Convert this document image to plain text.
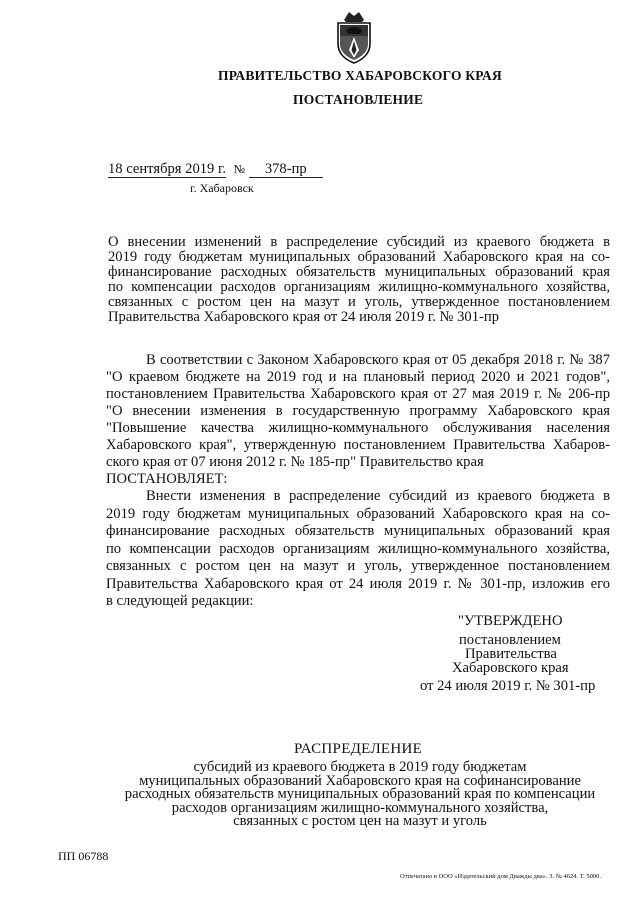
ПРАВИТЕЛЬСТВО ХАБАРОВСКОГО КРАЯ
ПОСТАНОВЛЕНИЕ
18 сентября 2019 г. № 378-пр
г. Хабаровск
О внесении изменений в распределение субсидий из краевого бюджета в
2019 году бюджетам муниципальных образований Хабаровского края на со-
финансирование расходных обязательств муниципальных образований края
по компенсации расходов организациям жилищно-коммунального хозяйства,
связанных с ростом цен на мазут и уголь, утвержденное постановлением
Правительства Хабаровского края от 24 июля 2019 г. № 301-пр
В соответствии с Законом Хабаровского края от 05 декабря 2018 г. № 387
"О краевом бюджете на 2019 год и на плановый период 2020 и 2021 годов",
постановлением Правительства Хабаровского края от 27 мая 2019 г. № 206-пр
"О внесении изменения в государственную программу Хабаровского края
"Повышение качества жилищно-коммунального обслуживания населения
Хабаровского края", утвержденную постановлением Правительства Хабаров-
ского края от 07 июня 2012 г. № 185-пр" Правительство края
ПОСТАНОВЛЯЕТ:
Внести изменения в распределение субсидий из краевого бюджета в
2019 году бюджетам муниципальных образований Хабаровского края на со-
финансирование расходных обязательств муниципальных образований края
по компенсации расходов организациям жилищно-коммунального хозяйства,
связанных с ростом цен на мазут и уголь, утвержденное постановлением
Правительства Хабаровского края от 24 июля 2019 г. № 301-пр, изложив его
в следующей редакции:
"УТВЕРЖДЕНО
постановлением
Правительства
Хабаровского края
от 24 июля 2019 г. № 301-пр
РАСПРЕДЕЛЕНИЕ
субсидий из краевого бюджета в 2019 году бюджетам
муниципальных образований Хабаровского края на софинансирование
расходных обязательств муниципальных образований края по компенсации
расходов организациям жилищно-коммунального хозяйства,
связанных с ростом цен на мазут и уголь
ПП 06788
Отпечатано в ООО «Издательский дом Дважды два». З. № 4624. Т. 5000.
